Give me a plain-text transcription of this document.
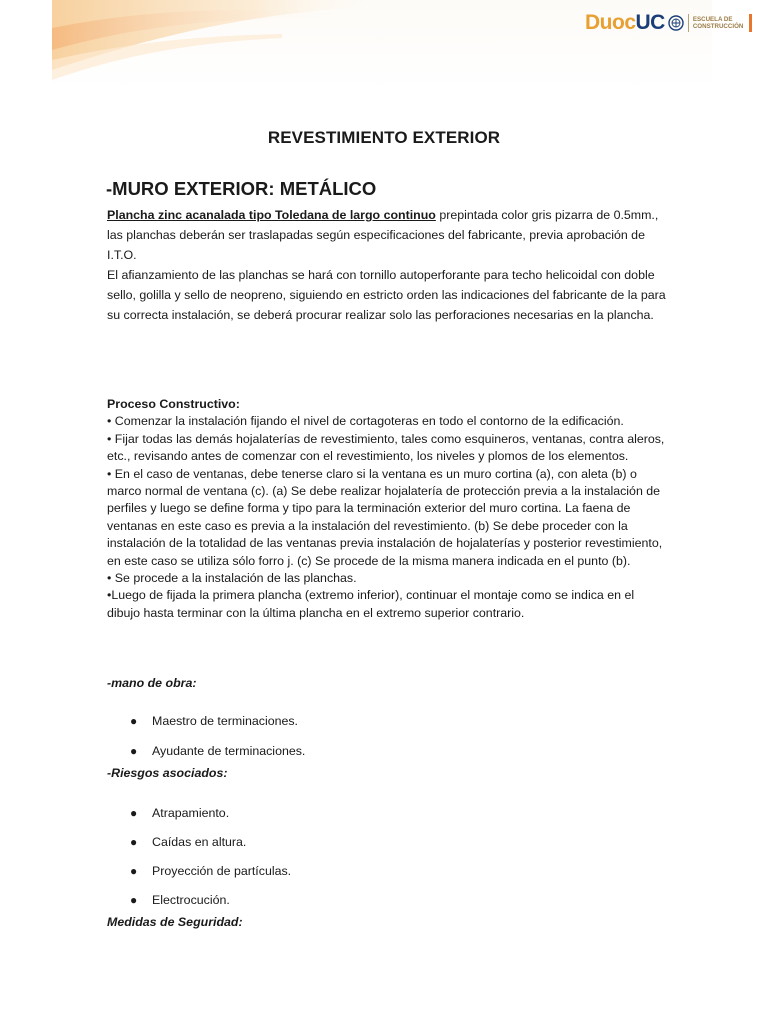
Duoc UC	ESCUELA DE
CONSTRUCCIÓN
REVESTIMIENTO EXTERIOR
-MURO EXTERIOR: METÁLICO
Plancha zinc acanalada tipo Toledana de largo continuo prepintada color gris pizarra de 0.5mm., las planchas deberán ser traslapadas según especificaciones del fabricante, previa aprobación de I.T.O.
El afianzamiento de las planchas se hará con tornillo autoperforante para techo helicoidal con doble sello, golilla y sello de neopreno, siguiendo en estricto orden las indicaciones del fabricante de la para su correcta instalación, se deberá procurar realizar solo las perforaciones necesarias en la plancha.
Proceso Constructivo:
• Comenzar la instalación fijando el nivel de cortagoteras en todo el contorno de la edificación.
• Fijar todas las demás hojalaterías de revestimiento, tales como esquineros, ventanas, contra aleros, etc., revisando antes de comenzar con el revestimiento, los niveles y plomos de los elementos.
• En el caso de ventanas, debe tenerse claro si la ventana es un muro cortina (a), con aleta (b) o marco normal de ventana (c). (a) Se debe realizar hojalatería de protección previa a la instalación de perfiles y luego se define forma y tipo para la terminación exterior del muro cortina. La faena de ventanas en este caso es previa a la instalación del revestimiento. (b) Se debe proceder con la instalación de la totalidad de las ventanas previa instalación de hojalaterías y posterior revestimiento, en este caso se utiliza sólo forro j. (c) Se procede de la misma manera indicada en el punto (b).
• Se procede a la instalación de las planchas.
•Luego de fijada la primera plancha (extremo inferior), continuar el montaje como se indica en el dibujo hasta terminar con la última plancha en el extremo superior contrario.
-mano de obra:
●	Maestro de terminaciones.
●	Ayudante de terminaciones.
-Riesgos asociados:
●	Atrapamiento.
●	Caídas en altura.
●	Proyección de partículas.
●	Electrocución.
Medidas de Seguridad:
